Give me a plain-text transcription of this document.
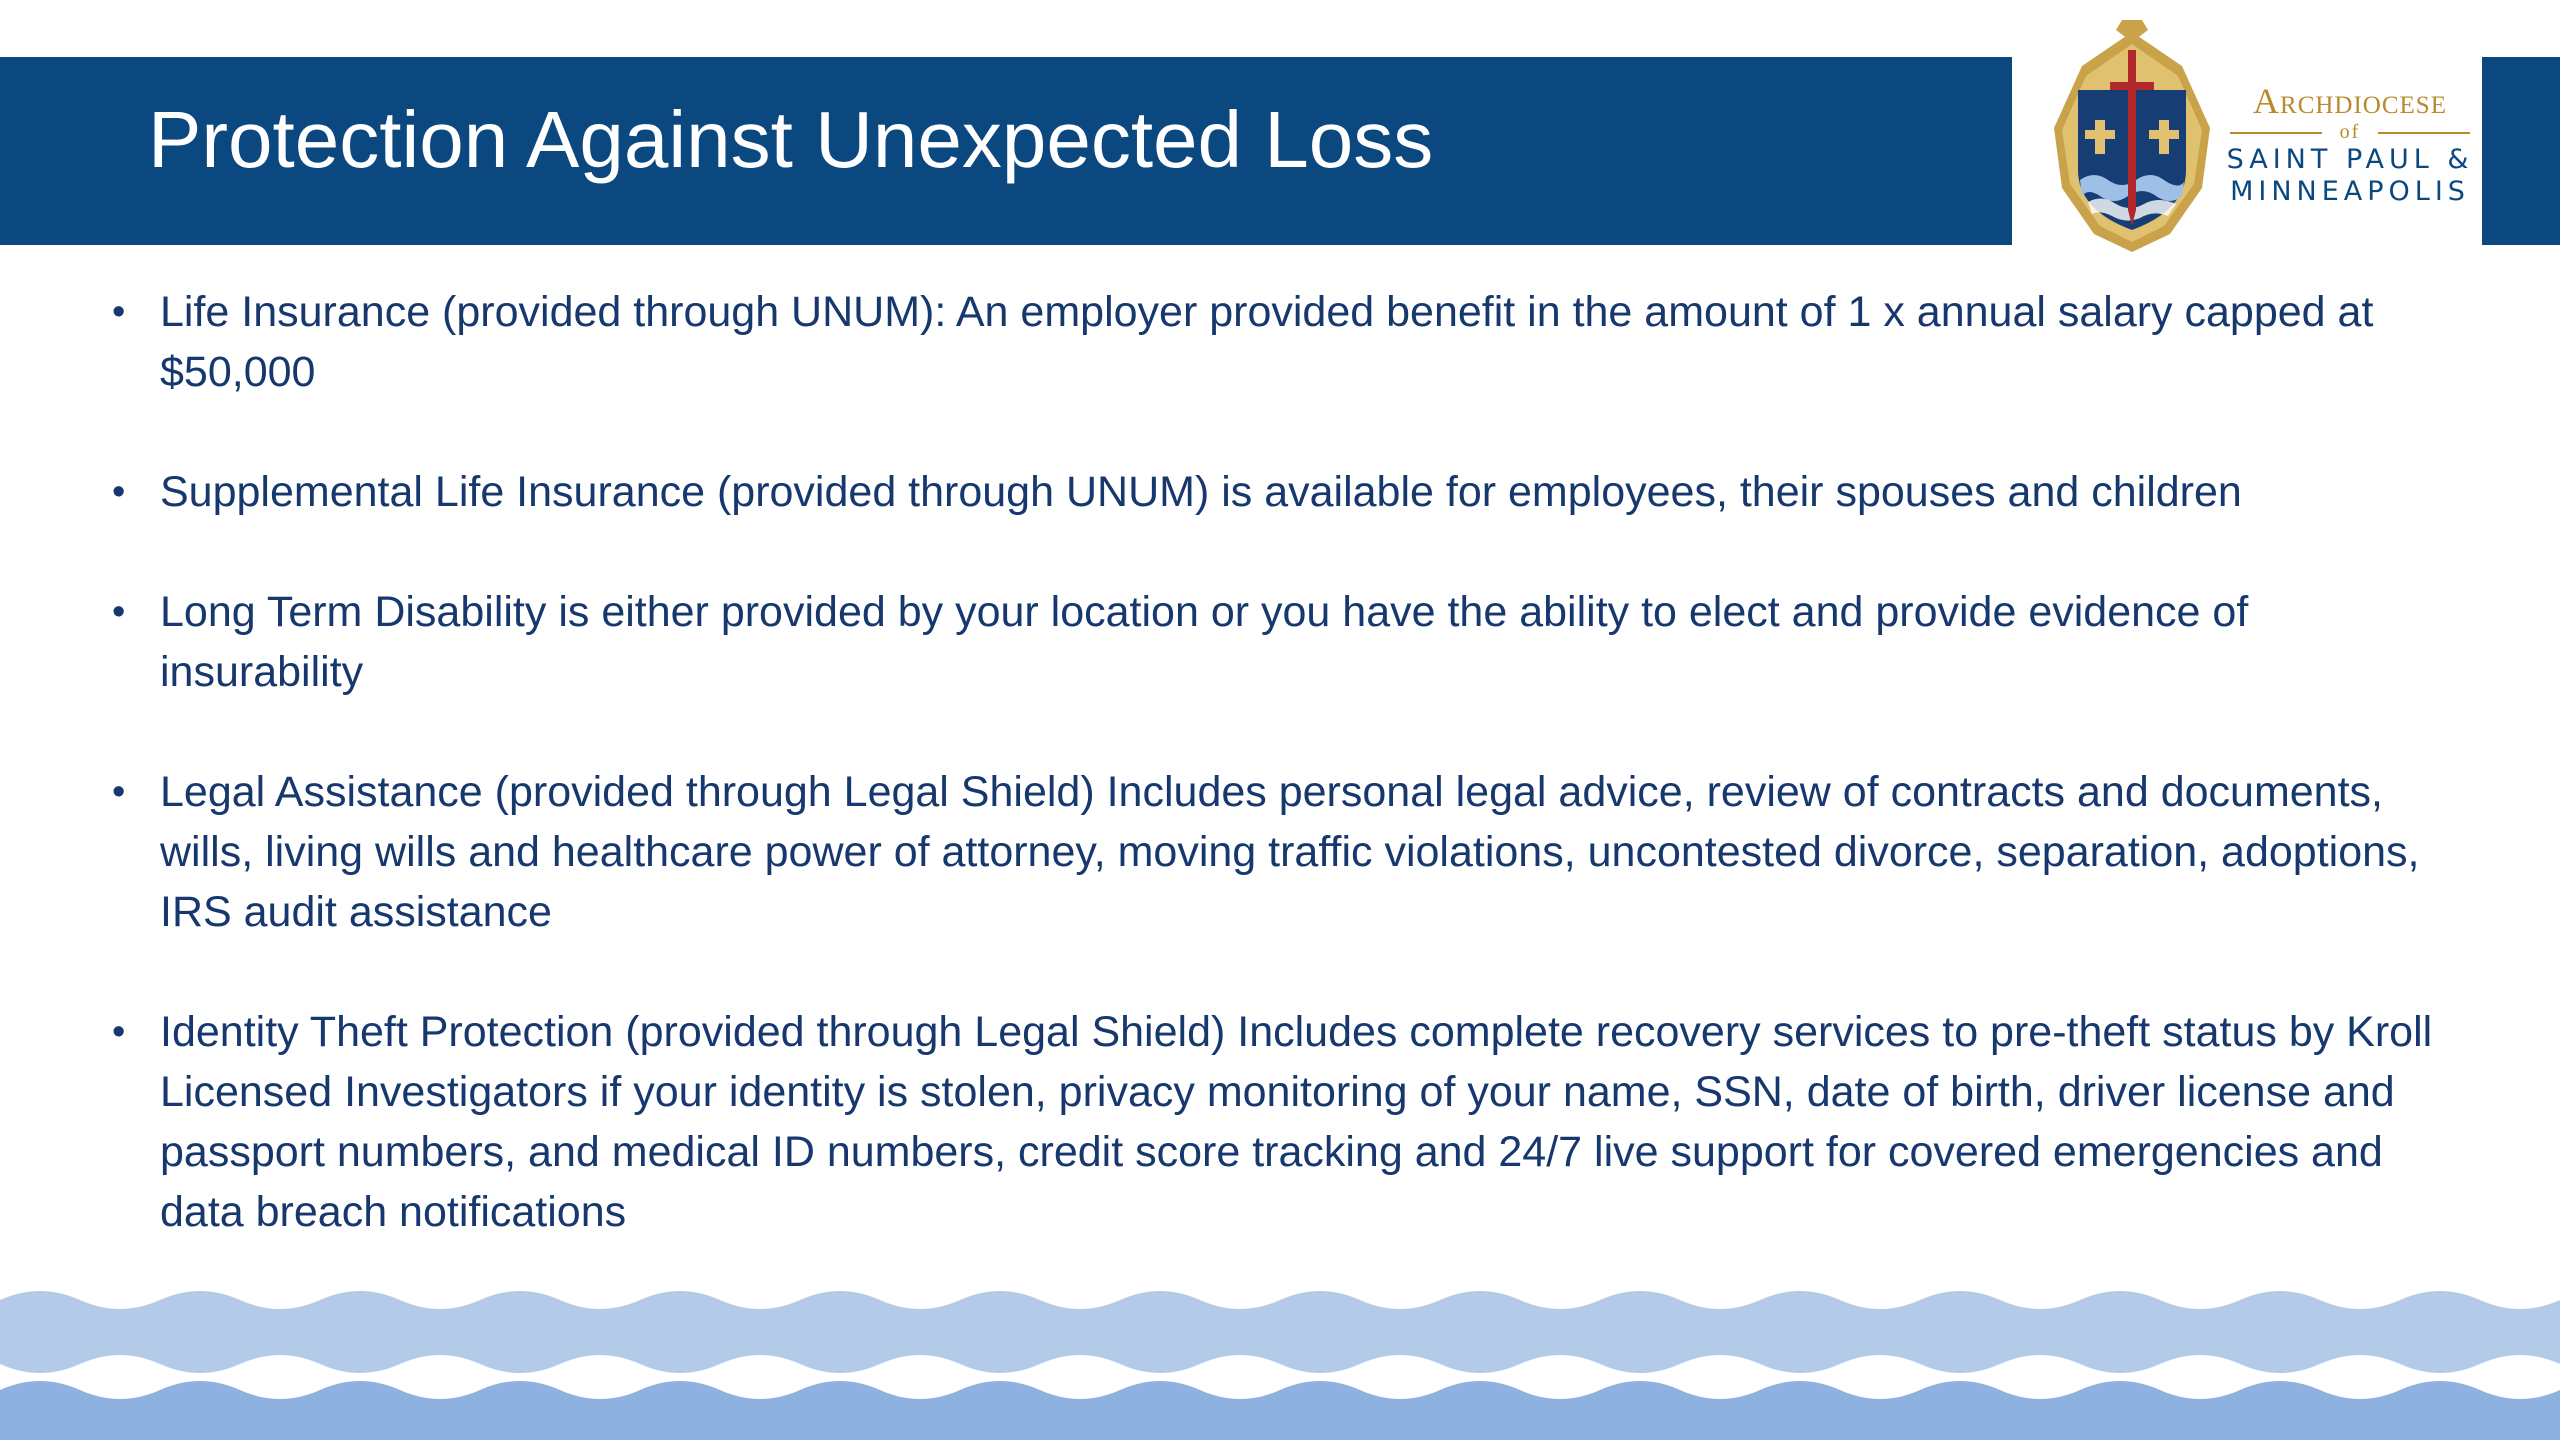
Protection Against Unexpected Loss	Archdiocese
of
SAINT PAUL &
MINNEAPOLIS
• Life Insurance (provided through UNUM): An employer provided benefit in the amount of 1 x annual salary capped at $50,000
• Supplemental Life Insurance (provided through UNUM) is available for employees, their spouses and children
• Long Term Disability is either provided by your location or you have the ability to elect and provide evidence of insurability
• Legal Assistance (provided through Legal Shield) Includes personal legal advice, review of contracts and documents, wills, living wills and healthcare power of attorney, moving traffic violations, uncontested divorce, separation, adoptions, IRS audit assistance
• Identity Theft Protection (provided through Legal Shield) Includes complete recovery services to pre-theft status by Kroll Licensed Investigators if your identity is stolen, privacy monitoring of your name, SSN, date of birth, driver license and passport numbers, and medical ID numbers, credit score tracking and 24/7 live support for covered emergencies and data breach notifications
